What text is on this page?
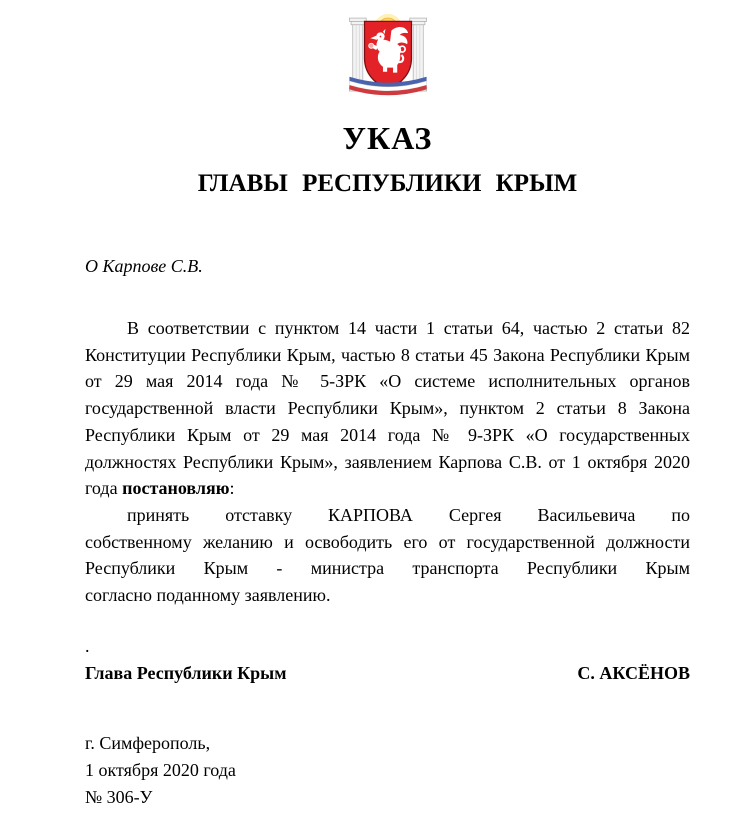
УКАЗ
ГЛАВЫ РЕСПУБЛИКИ КРЫМ
О Карпове С.В.
В соответствии с пунктом 14 части 1 статьи 64, частью 2 статьи 82
Конституции Республики Крым, частью 8 статьи 45 Закона Республики Крым
от 29 мая 2014 года № 5-ЗРК «О системе исполнительных органов
государственной власти Республики Крым», пунктом 2 статьи 8 Закона
Республики Крым от 29 мая 2014 года № 9-ЗРК «О государственных
должностях Республики Крым», заявлением Карпова С.В. от 1 октября 2020
года постановляю:
принять отставку КАРПОВА Сергея Васильевича по
собственному желанию и освободить его от государственной должности
Республики Крым - министра транспорта Республики Крым
согласно поданному заявлению.
.
Глава Республики Крым	С. АКСЁНОВ
г. Симферополь,
1 октября 2020 года
№ 306-У
